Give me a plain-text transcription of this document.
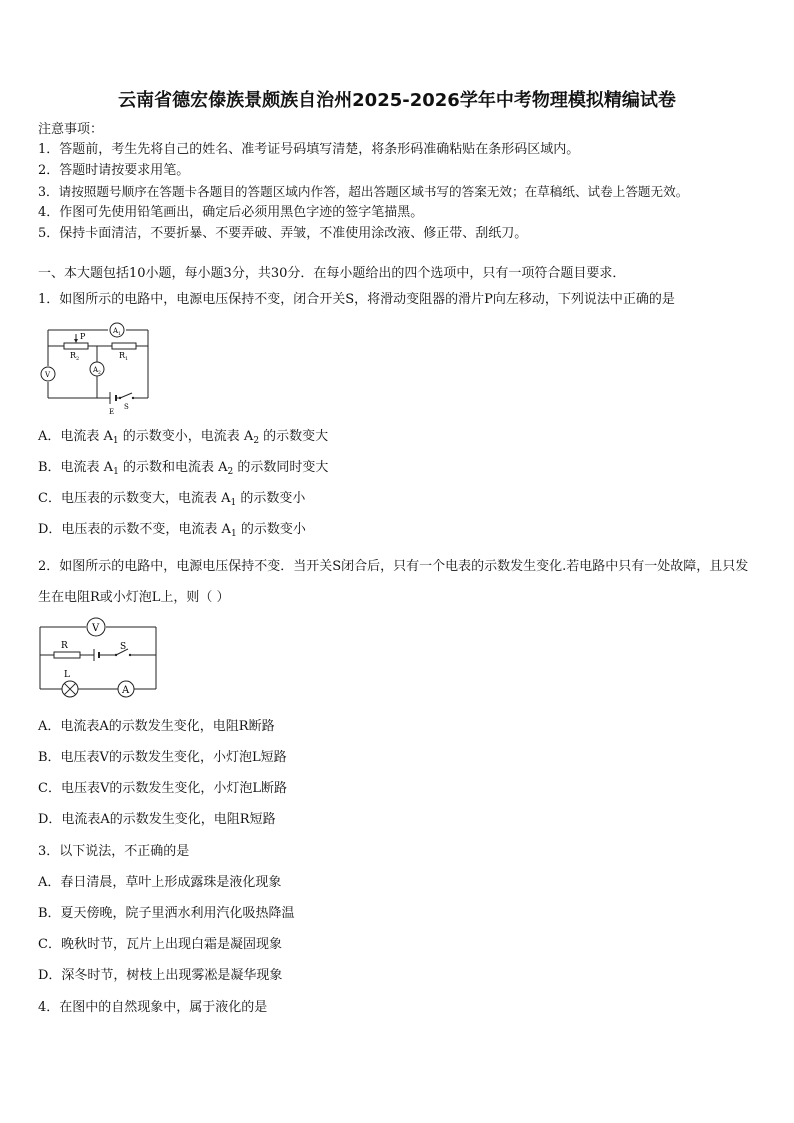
云南省德宏傣族景颇族自治州2025-2026学年中考物理模拟精编试卷
注意事项：
1．答题前，考生先将自己的姓名、准考证号码填写清楚，将条形码准确粘贴在条形码区域内。
2．答题时请按要求用笔。
3．请按照题号顺序在答题卡各题目的答题区域内作答，超出答题区域书写的答案无效；在草稿纸、试卷上答题无效。
4．作图可先使用铅笔画出，确定后必须用黑色字迹的签字笔描黑。
5．保持卡面清洁，不要折暴、不要弄破、弄皱，不准使用涂改液、修正带、刮纸刀。
一、本大题包括10小题，每小题3分，共30分．在每小题给出的四个选项中，只有一项符合题目要求．
1．如图所示的电路中，电源电压保持不变，闭合开关S，将滑动变阻器的滑片P向左移动，下列说法中正确的是
P
R 2	R 1
A 1
A 2
V
E
S
A．电流表 $A_1$ 的示数变小，电流表 $A_2$ 的示数变大
B．电流表 $A_1$ 的示数和电流表 $A_2$ 的示数同时变大
C．电压表的示数变大，电流表 $A_1$ 的示数变小
D．电压表的示数不变，电流表 $A_1$ 的示数变小
2．如图所示的电路中，电源电压保持不变．当开关S闭合后，只有一个电表的示数发生变化.若电路中只有一处故障，且只发生在电阻R或小灯泡L上，则（ ）
V
R	S
L
A
A．电流表A的示数发生变化，电阻R断路
B．电压表V的示数发生变化，小灯泡L短路
C．电压表V的示数发生变化，小灯泡L断路
D．电流表A的示数发生变化，电阻R短路
3．以下说法，不正确的是
A．春日清晨，草叶上形成露珠是液化现象
B．夏天傍晚，院子里洒水利用汽化吸热降温
C．晚秋时节，瓦片上出现白霜是凝固现象
D．深冬时节，树枝上出现雾凇是凝华现象
4．在图中的自然现象中，属于液化的是
